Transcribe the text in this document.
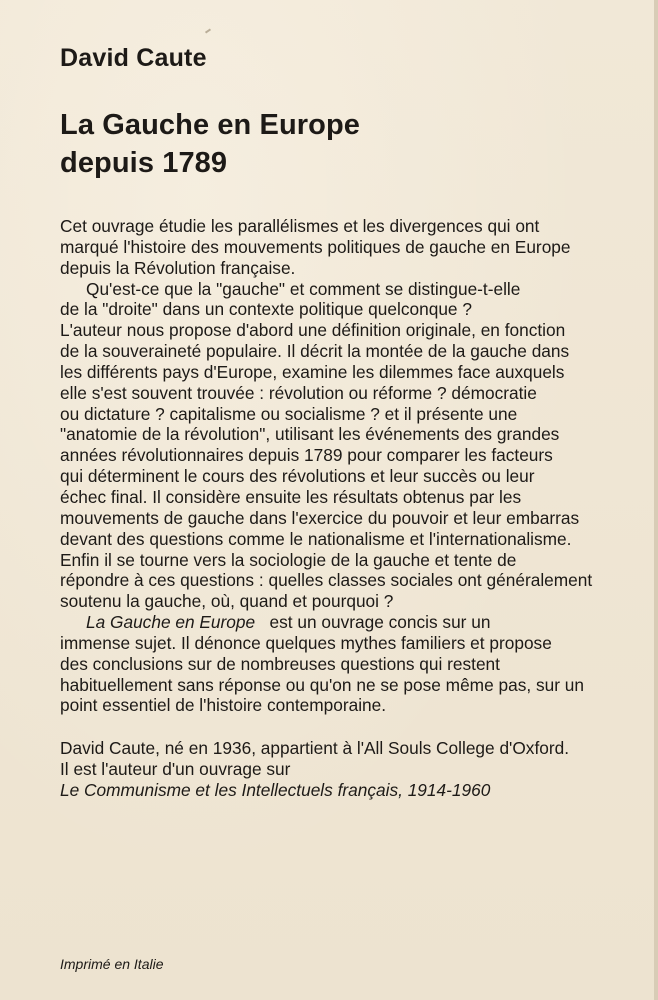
David Caute
La Gauche en Europe
depuis 1789
Cet ouvrage étudie les parallélismes et les divergences qui ont
marqué l'histoire des mouvements politiques de gauche en Europe
depuis la Révolution française.
Qu'est-ce que la "gauche" et comment se distingue-t-elle
de la "droite" dans un contexte politique quelconque ?
L'auteur nous propose d'abord une définition originale, en fonction
de la souveraineté populaire. Il décrit la montée de la gauche dans
les différents pays d'Europe, examine les dilemmes face auxquels
elle s'est souvent trouvée : révolution ou réforme ? démocratie
ou dictature ? capitalisme ou socialisme ? et il présente une
"anatomie de la révolution", utilisant les événements des grandes
années révolutionnaires depuis 1789 pour comparer les facteurs
qui déterminent le cours des révolutions et leur succès ou leur
échec final. Il considère ensuite les résultats obtenus par les
mouvements de gauche dans l'exercice du pouvoir et leur embarras
devant des questions comme le nationalisme et l'internationalisme.
Enfin il se tourne vers la sociologie de la gauche et tente de
répondre à ces questions : quelles classes sociales ont généralement
soutenu la gauche, où, quand et pourquoi ?
La Gauche en Europe est un ouvrage concis sur un
immense sujet. Il dénonce quelques mythes familiers et propose
des conclusions sur de nombreuses questions qui restent
habituellement sans réponse ou qu'on ne se pose même pas, sur un
point essentiel de l'histoire contemporaine.
David Caute, né en 1936, appartient à l'All Souls College d'Oxford.
Il est l'auteur d'un ouvrage sur
Le Communisme et les Intellectuels français, 1914-1960
Imprimé en Italie
